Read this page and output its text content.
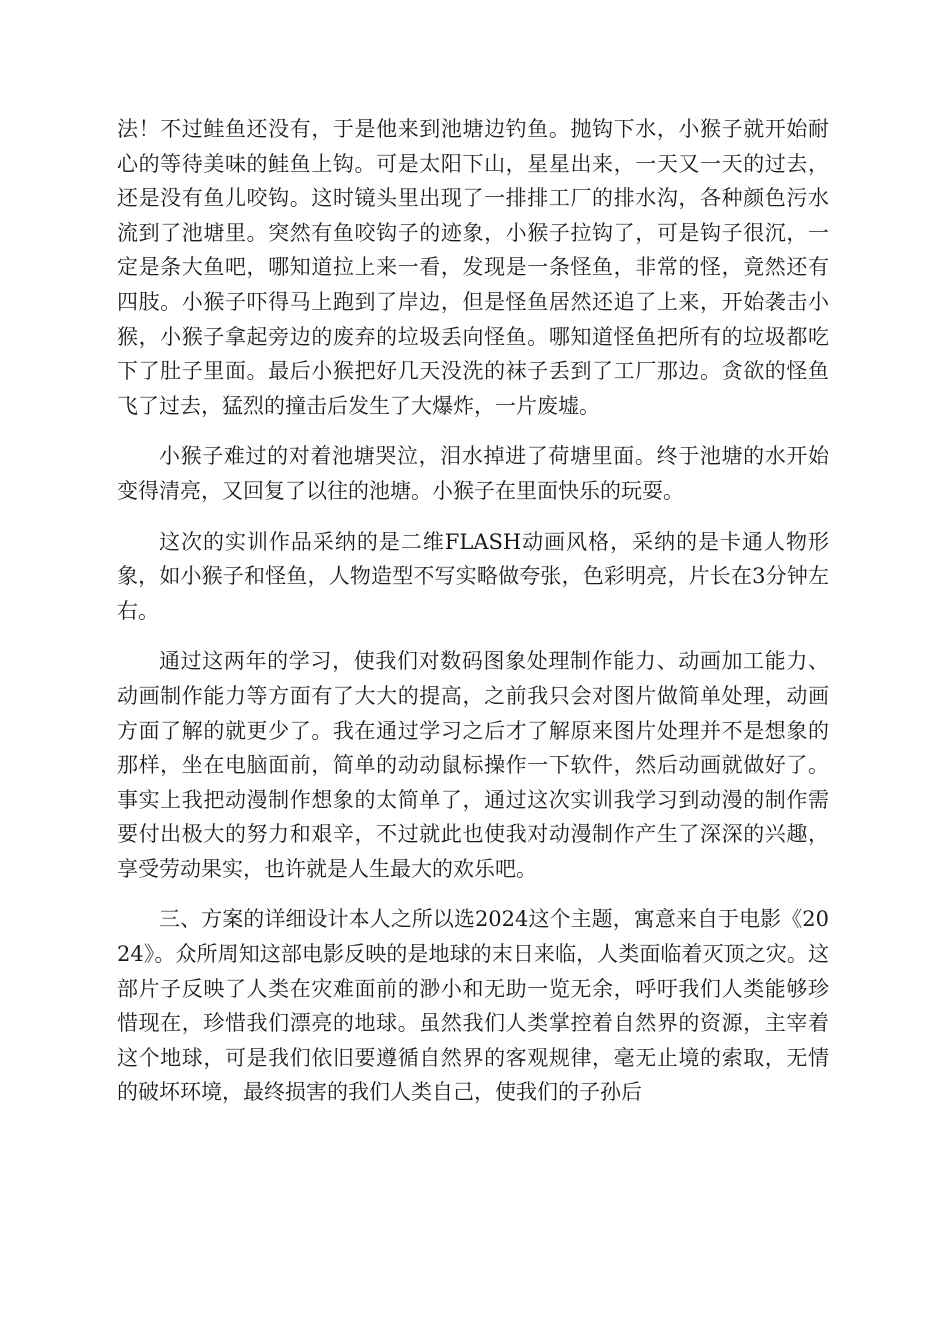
法！不过鲑鱼还没有，于是他来到池塘边钓鱼。抛钩下水，小猴子就开始耐心的等待美味的鲑鱼上钩。可是太阳下山，星星出来，一天又一天的过去，还是没有鱼儿咬钩。这时镜头里出现了一排排工厂的排水沟，各种颜色污水流到了池塘里。突然有鱼咬钩子的迹象，小猴子拉钩了，可是钩子很沉，一定是条大鱼吧，哪知道拉上来一看，发现是一条怪鱼，非常的怪，竟然还有四肢。小猴子吓得马上跑到了岸边，但是怪鱼居然还追了上来，开始袭击小猴，小猴子拿起旁边的废弃的垃圾丢向怪鱼。哪知道怪鱼把所有的垃圾都吃下了肚子里面。最后小猴把好几天没洗的袜子丢到了工厂那边。贪欲的怪鱼飞了过去，猛烈的撞击后发生了大爆炸，一片废墟。

小猴子难过的对着池塘哭泣，泪水掉进了荷塘里面。终于池塘的水开始变得清亮，又回复了以往的池塘。小猴子在里面快乐的玩耍。

这次的实训作品采纳的是二维FLASH动画风格，采纳的是卡通人物形象，如小猴子和怪鱼，人物造型不写实略做夸张，色彩明亮，片长在3分钟左右。

通过这两年的学习，使我们对数码图象处理制作能力、动画加工能力、动画制作能力等方面有了大大的提高，之前我只会对图片做简单处理，动画方面了解的就更少了。我在通过学习之后才了解原来图片处理并不是想象的那样，坐在电脑面前，简单的动动鼠标操作一下软件，然后动画就做好了。事实上我把动漫制作想象的太简单了，通过这次实训我学习到动漫的制作需要付出极大的努力和艰辛，不过就此也使我对动漫制作产生了深深的兴趣，享受劳动果实，也许就是人生最大的欢乐吧。

三、方案的详细设计本人之所以选2024这个主题，寓意来自于电影《2024》。众所周知这部电影反映的是地球的末日来临，人类面临着灭顶之灾。这部片子反映了人类在灾难面前的渺小和无助一览无余，呼吁我们人类能够珍惜现在，珍惜我们漂亮的地球。虽然我们人类掌控着自然界的资源，主宰着这个地球，可是我们依旧要遵循自然界的客观规律，毫无止境的索取，无情的破坏环境，最终损害的我们人类自己，使我们的子孙后
